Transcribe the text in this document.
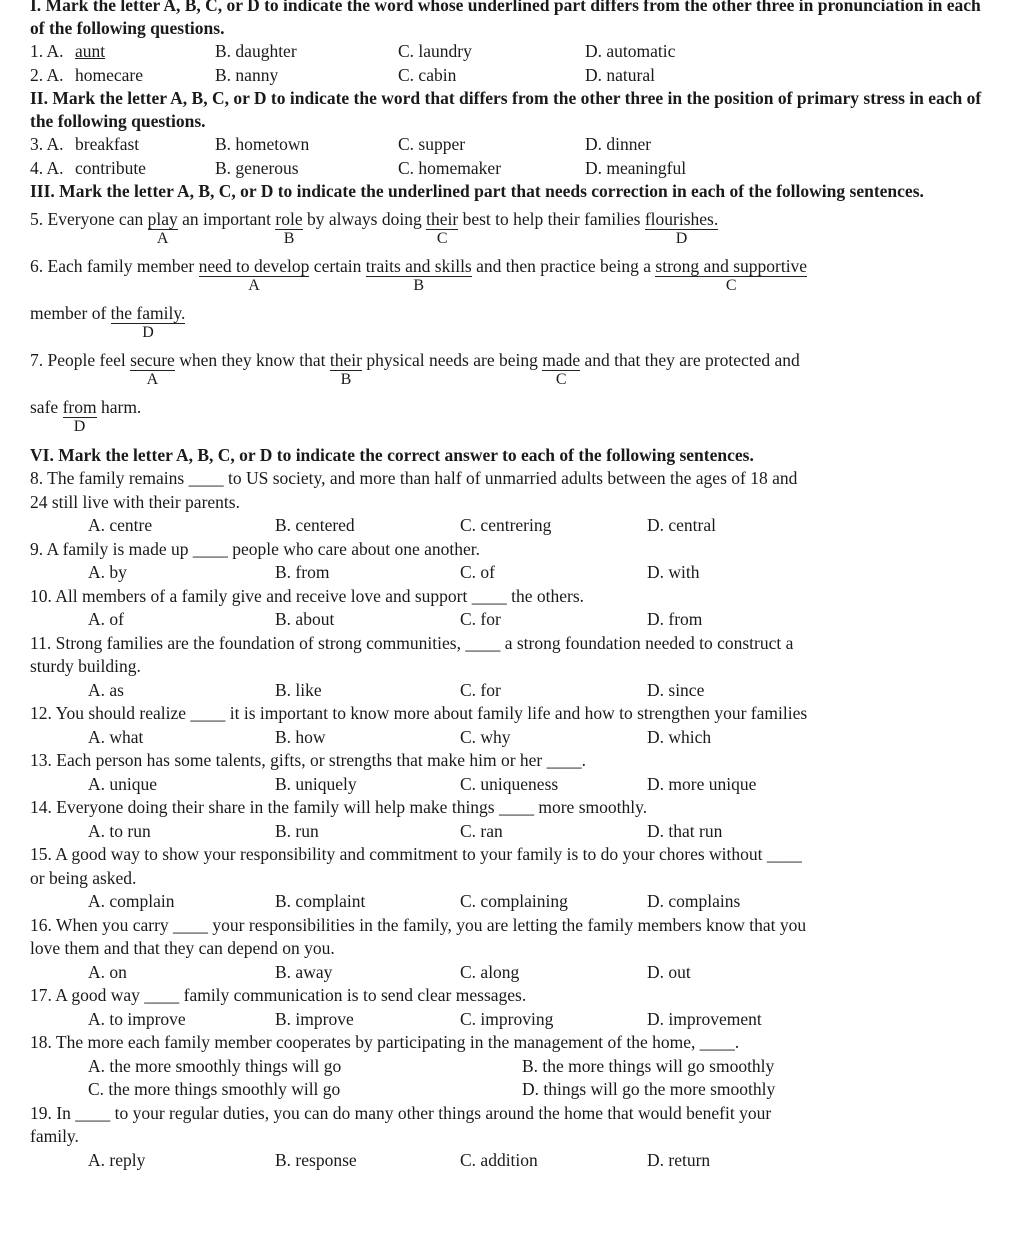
I. Mark the letter A, B, C, or D to indicate the word whose underlined part differs from the other three in pronunciation in each of the following questions.

1. A. aunt	B. daughter	C. laundry	D. automatic
2. A. homecare	B. nanny	C. cabin	D. natural

II. Mark the letter A, B, C, or D to indicate the word that differs from the other three in the position of primary stress in each of the following questions.

3. A. breakfast	B. hometown	C. supper	D. dinner
4. A. contribute	B. generous	C. homemaker	D. meaningful

III. Mark the letter A, B, C, or D to indicate the underlined part that needs correction in each of the following sentences.

5. Everyone can play
A
an important role
B
by always doing their
C
best to help their families flourishes.
D
6. Each family member need to develop
A
certain traits and skills
B
and then practice being a strong and supportive
C
member of the family.
D
7. People feel secure
A
when they know that their
B
physical needs are being made
C
and that they are protected and
safe from
D
harm.

VI. Mark the letter A, B, C, or D to indicate the correct answer to each of the following sentences.

8. The family remains ____ to US society, and more than half of unmarried adults between the ages of 18 and
24 still live with their parents.
A. centre	B. centered	C. centrering	D. central
9. A family is made up ____ people who care about one another.
A. by	B. from	C. of	D. with
10. All members of a family give and receive love and support ____ the others.
A. of	B. about	C. for	D. from
11. Strong families are the foundation of strong communities, ____ a strong foundation needed to construct a
sturdy building.
A. as	B. like	C. for	D. since
12. You should realize ____ it is important to know more about family life and how to strengthen your families
A. what	B. how	C. why	D. which
13. Each person has some talents, gifts, or strengths that make him or her ____.
A. unique	B. uniquely	C. uniqueness	D. more unique
14. Everyone doing their share in the family will help make things ____ more smoothly.
A. to run	B. run	C. ran	D. that run
15. A good way to show your responsibility and commitment to your family is to do your chores without ____
or being asked.
A. complain	B. complaint	C. complaining	D. complains
16. When you carry ____ your responsibilities in the family, you are letting the family members know that you
love them and that they can depend on you.
A. on	B. away	C. along	D. out
17. A good way ____ family communication is to send clear messages.
A. to improve	B. improve	C. improving	D. improvement
18. The more each family member cooperates by participating in the management of the home, ____.
A. the more smoothly things will go	B. the more things will go smoothly
C. the more things smoothly will go	D. things will go the more smoothly
19. In ____ to your regular duties, you can do many other things around the home that would benefit your
family.
A. reply	B. response	C. addition	D. return
